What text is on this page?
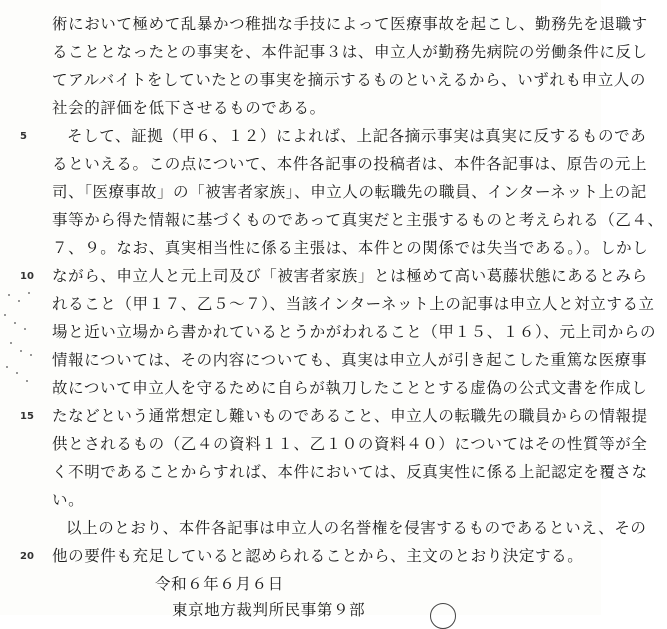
術において極めて乱暴かつ稚拙な手技によって医療事故を起こし、勤務先を退職す
ることとなったとの事実を、本件記事３は、申立人が勤務先病院の労働条件に反し
てアルバイトをしていたとの事実を摘示するものといえるから、いずれも申立人の
社会的評価を低下させるものである。
そして、証拠（甲６、１２）によれば、上記各摘示事実は真実に反するものであ
るといえる。この点について、本件各記事の投稿者は、本件各記事は、原告の元上
司、「医療事故」の「被害者家族」、申立人の転職先の職員、インターネット上の記
事等から得た情報に基づくものであって真実だと主張するものと考えられる（乙４、
７、９。なお、真実相当性に係る主張は、本件との関係では失当である。）。しかし
ながら、申立人と元上司及び「被害者家族」とは極めて高い葛藤状態にあるとみら
れること（甲１７、乙５～７）、当該インターネット上の記事は申立人と対立する立
場と近い立場から書かれているとうかがわれること（甲１５、１６）、元上司からの
情報については、その内容についても、真実は申立人が引き起こした重篤な医療事
故について申立人を守るために自らが執刀したこととする虚偽の公式文書を作成し
たなどという通常想定し難いものであること、申立人の転職先の職員からの情報提
供とされるもの（乙４の資料１１、乙１０の資料４０）についてはその性質等が全
く不明であることからすれば、本件においては、反真実性に係る上記認定を覆さな
い。
以上のとおり、本件各記事は申立人の名誉権を侵害するものであるといえ、その
他の要件も充足していると認められることから、主文のとおり決定する。
令和６年６月６日
東京地方裁判所民事第９部
5
10
15
20
